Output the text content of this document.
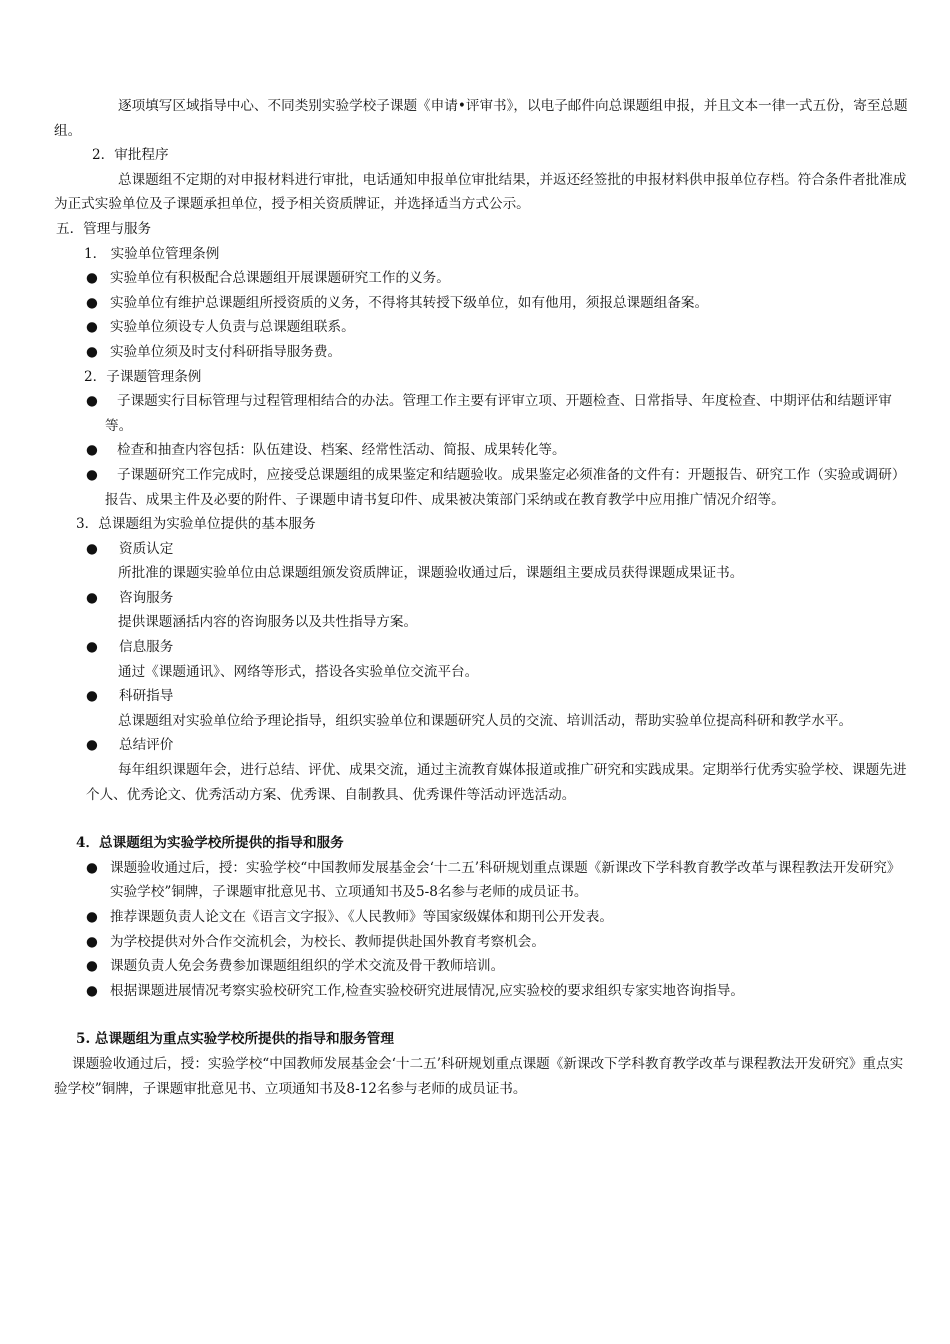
逐项填写区域指导中心、不同类别实验学校子课题《申请•评审书》，以电子邮件向总课题组申报，并且文本一律一式五份，寄至总题组。

2．审批程序

总课题组不定期的对申报材料进行审批，电话通知申报单位审批结果，并返还经签批的申报材料供申报单位存档。符合条件者批准成为正式实验单位及子课题承担单位，授予相关资质牌证，并选择适当方式公示。

五．管理与服务

1． 实验单位管理条例

● 实验单位有积极配合总课题组开展课题研究工作的义务。
● 实验单位有维护总课题组所授资质的义务，不得将其转授下级单位，如有他用，须报总课题组备案。
● 实验单位须设专人负责与总课题组联系。
● 实验单位须及时支付科研指导服务费。

2．子课题管理条例

● 子课题实行目标管理与过程管理相结合的办法。管理工作主要有评审立项、开题检查、日常指导、年度检查、中期评估和结题评审等。
● 检查和抽查内容包括：队伍建设、档案、经常性活动、简报、成果转化等。
● 子课题研究工作完成时，应接受总课题组的成果鉴定和结题验收。成果鉴定必须准备的文件有：开题报告、研究工作（实验或调研）报告、成果主件及必要的附件、子课题申请书复印件、成果被决策部门采纳或在教育教学中应用推广情况介绍等。

3．总课题组为实验单位提供的基本服务

● 资质认定

所批准的课题实验单位由总课题组颁发资质牌证，课题验收通过后，课题组主要成员获得课题成果证书。

● 咨询服务

提供课题涵括内容的咨询服务以及共性指导方案。

● 信息服务

通过《课题通讯》、网络等形式，搭设各实验单位交流平台。

● 科研指导

总课题组对实验单位给予理论指导，组织实验单位和课题研究人员的交流、培训活动，帮助实验单位提高科研和教学水平。

● 总结评价

每年组织课题年会，进行总结、评优、成果交流，通过主流教育媒体报道或推广研究和实践成果。定期举行优秀实验学校、课题先进个人、优秀论文、优秀活动方案、优秀课、自制教具、优秀课件等活动评选活动。

4．总课题组为实验学校所提供的指导和服务

● 课题验收通过后，授：实验学校“中国教师发展基金会‘十二五’科研规划重点课题《新课改下学科教育教学改革与课程教法开发研究》实验学校”铜牌，子课题审批意见书、立项通知书及5-8名参与老师的成员证书。
● 推荐课题负责人论文在《语言文字报》、《人民教师》等国家级媒体和期刊公开发表。
● 为学校提供对外合作交流机会，为校长、教师提供赴国外教育考察机会。
● 课题负责人免会务费参加课题组组织的学术交流及骨干教师培训。
● 根据课题进展情况考察实验校研究工作,检查实验校研究进展情况,应实验校的要求组织专家实地咨询指导。

5. 总课题组为重点实验学校所提供的指导和服务管理

课题验收通过后，授：实验学校“中国教师发展基金会‘十二五’科研规划重点课题《新课改下学科教育教学改革与课程教法开发研究》重点实验学校”铜牌，子课题审批意见书、立项通知书及8-12名参与老师的成员证书。
